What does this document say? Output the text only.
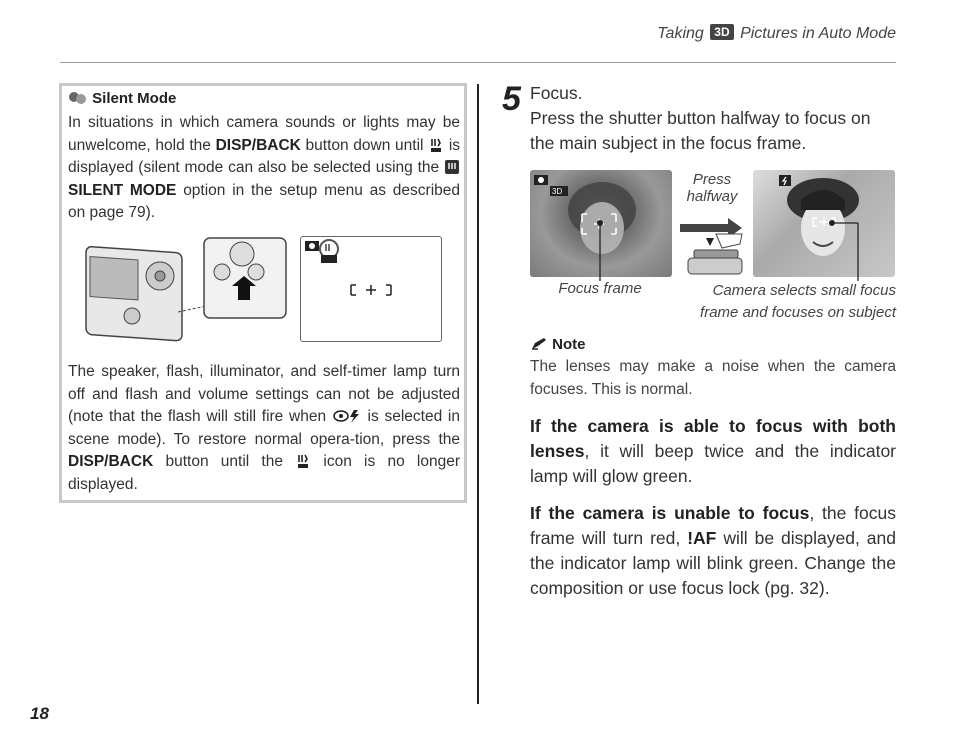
Taking 3D Pictures in Auto Mode
18
Silent Mode

In situations in which camera sounds or lights may be unwelcome, hold the DISP/BACK button down until  is displayed (silent mode can also be selected using the  SILENT MODE option in the setup menu as described on page 79).

The speaker, flash, illuminator, and self-timer lamp turn off and flash and volume settings can not be adjusted (note that the flash will still fire when  is selected in scene mode). To restore normal opera-tion, press the DISP/BACK button until the  icon is no longer displayed.

5 Focus.

Press the shutter button halfway to focus on the main subject in the focus frame.

3D
Press halfway
Focus frame	Camera selects small focus frame and focuses on subject
Note

The lenses may make a noise when the camera focuses. This is normal.

If the camera is able to focus with both lenses, it will beep twice and the indicator lamp will glow green.

If the camera is unable to focus, the focus frame will turn red, !AF will be displayed, and the indicator lamp will blink green. Change the composition or use focus lock (pg. 32).
